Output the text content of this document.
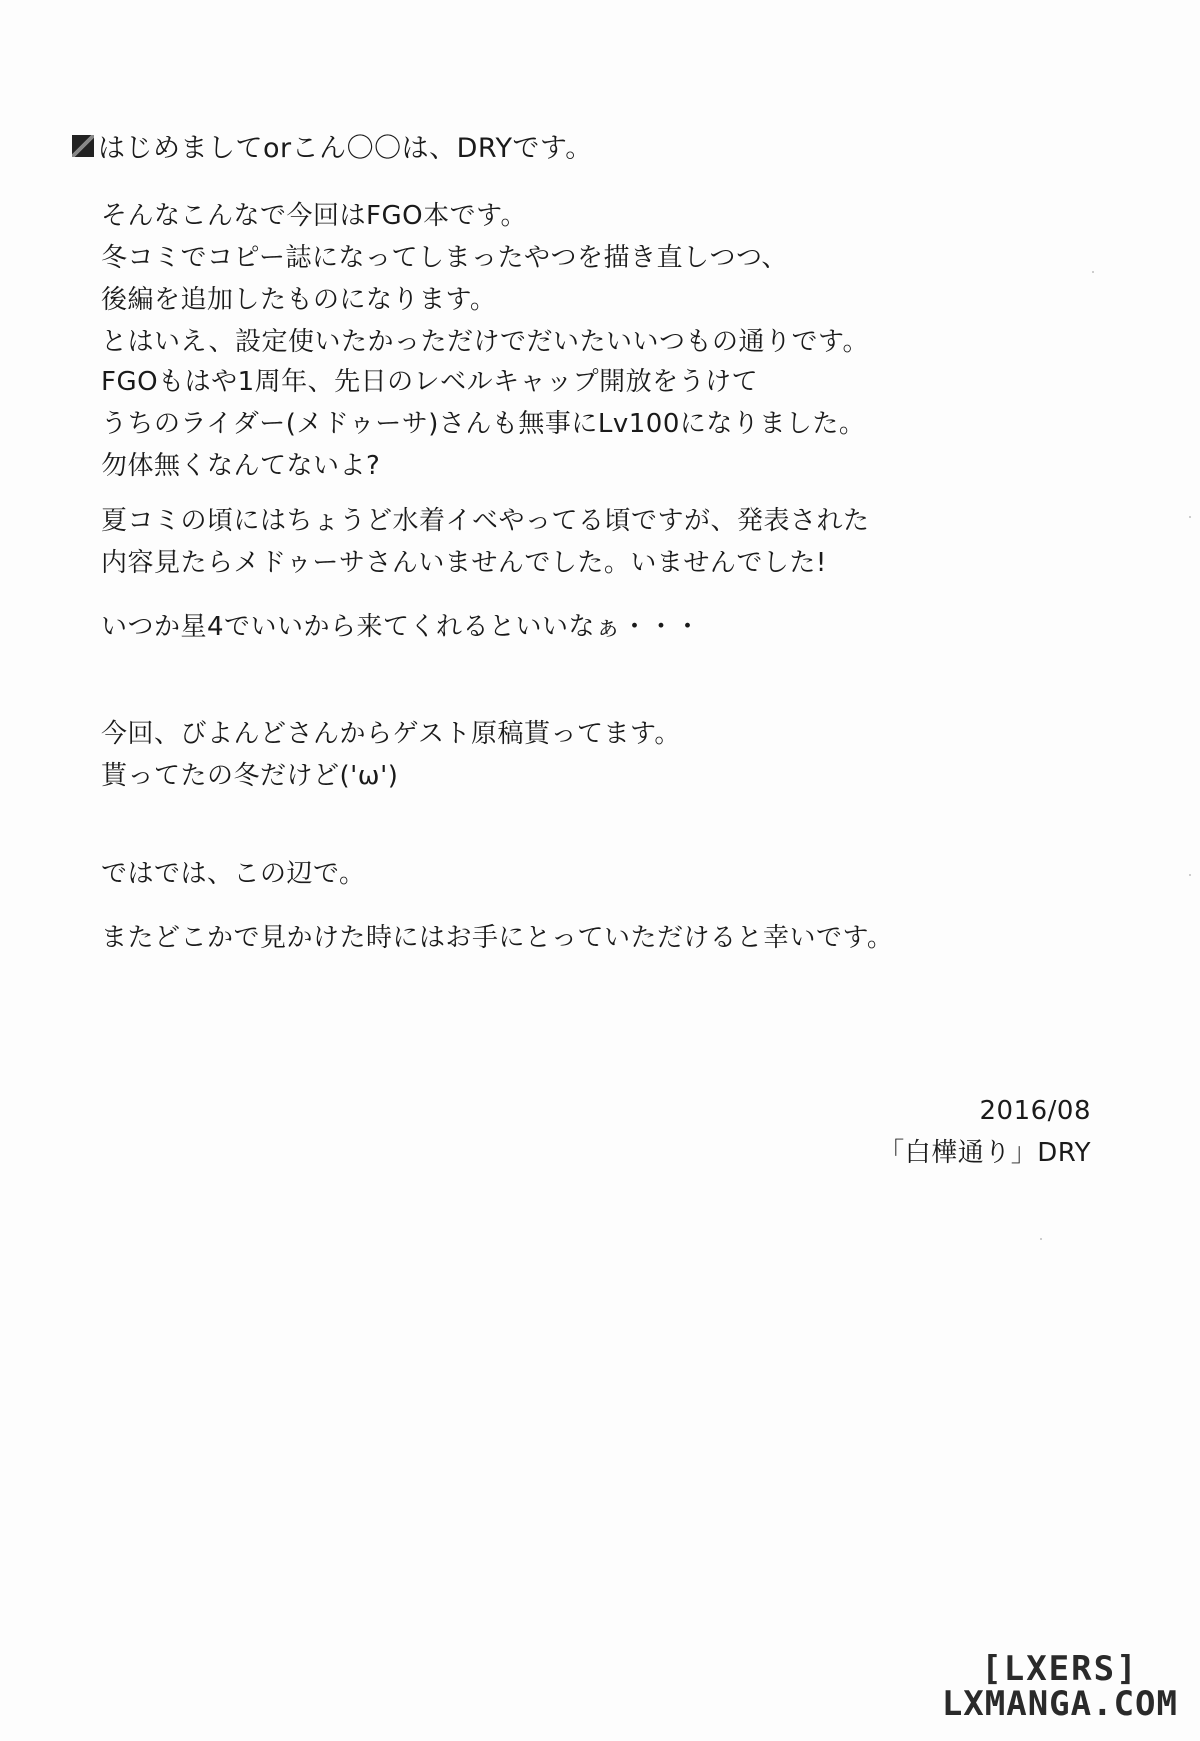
はじめましてorこん〇〇は、DRYです。

そんなこんなで今回はFGO本です。
冬コミでコピー誌になってしまったやつを描き直しつつ、
後編を追加したものになります。
とはいえ、設定使いたかっただけでだいたいいつもの通りです。

FGOもはや1周年、先日のレベルキャップ開放をうけて
うちのライダー(メドゥーサ)さんも無事にLv100になりました。
勿体無くなんてないよ?

夏コミの頃にはちょうど水着イベやってる頃ですが、発表された
内容見たらメドゥーサさんいませんでした。いませんでした!

いつか星4でいいから来てくれるといいなぁ・・・

今回、びよんどさんからゲスト原稿貰ってます。
貰ってたの冬だけど('ω')

ではでは、この辺で。

またどこかで見かけた時にはお手にとっていただけると幸いです。

2016/08
「白樺通り」DRY
[LXERS]
LXMANGA.COM
